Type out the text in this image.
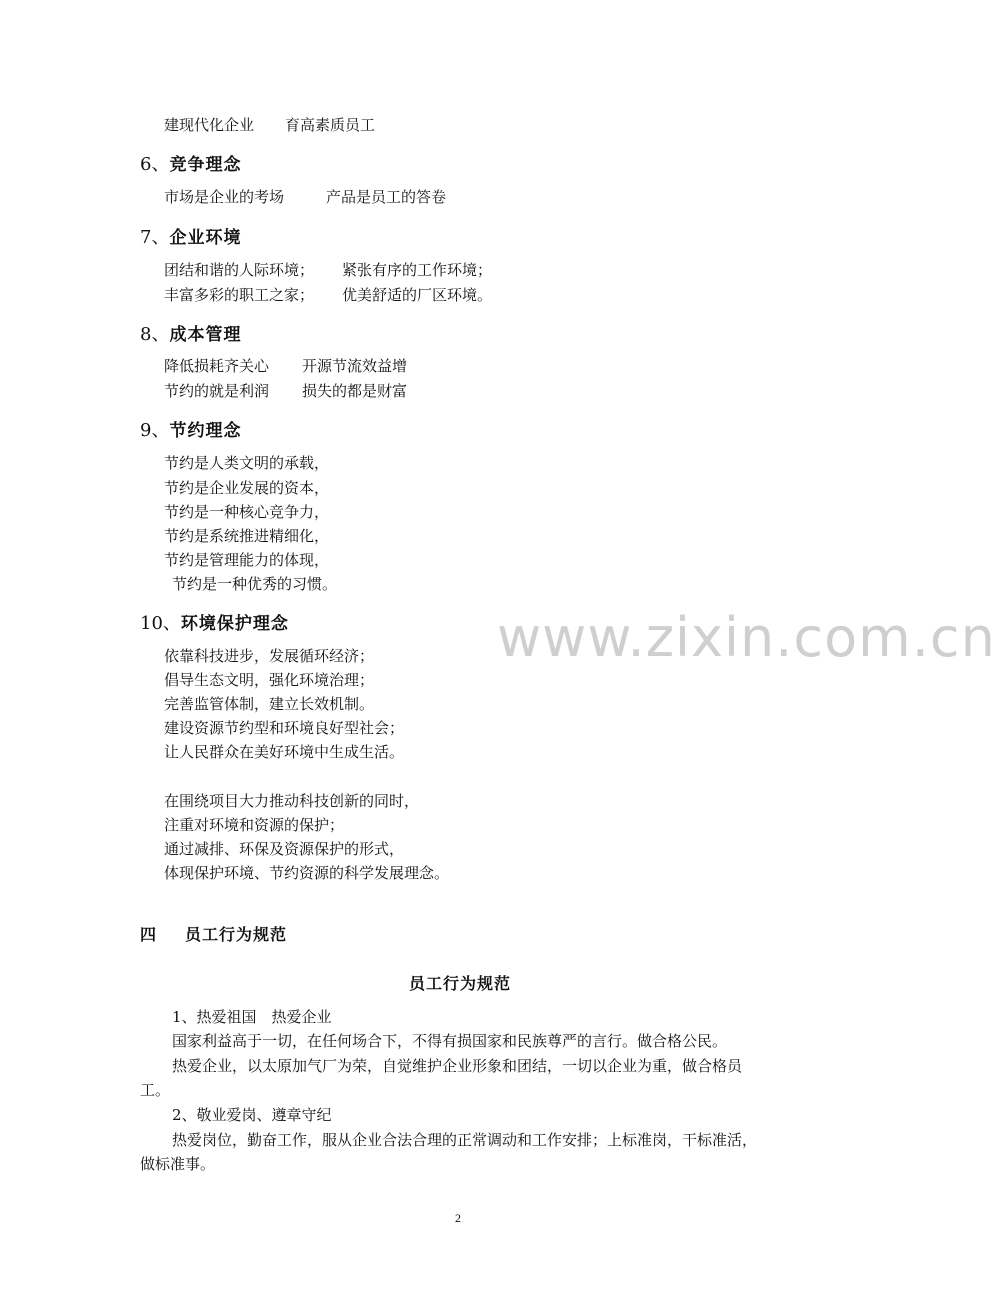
建现代化企业 育高素质员工
6、竞争理念
市场是企业的考场	产品是员工的答卷
7、企业环境
团结和谐的人际环境； 紧张有序的工作环境；
丰富多彩的职工之家； 优美舒适的厂区环境。
8、成本管理
降低损耗齐关心 开源节流效益增
节约的就是利润 损失的都是财富
9、节约理念
节约是人类文明的承载，
节约是企业发展的资本，
节约是一种核心竞争力，
节约是系统推进精细化，
节约是管理能力的体现，
节约是一种优秀的习惯。
www.zixin.com.cn
10、环境保护理念
依靠科技进步，发展循环经济；
倡导生态文明，强化环境治理；
完善监管体制，建立长效机制。
建设资源节约型和环境良好型社会；
让人民群众在美好环境中生成生活。
在围绕项目大力推动科技创新的同时，
注重对环境和资源的保护；
通过减排、环保及资源保护的形式，
体现保护环境、节约资源的科学发展理念。
四 员工行为规范
员工行为规范
1、热爱祖国　热爱企业
国家利益高于一切，在任何场合下，不得有损国家和民族尊严的言行。做合格公民。
热爱企业，以太原加气厂为荣，自觉维护企业形象和团结，一切以企业为重，做合格员
工。
2、敬业爱岗、遵章守纪
热爱岗位，勤奋工作，服从企业合法合理的正常调动和工作安排；上标准岗，干标准活，
做标准事。
2
